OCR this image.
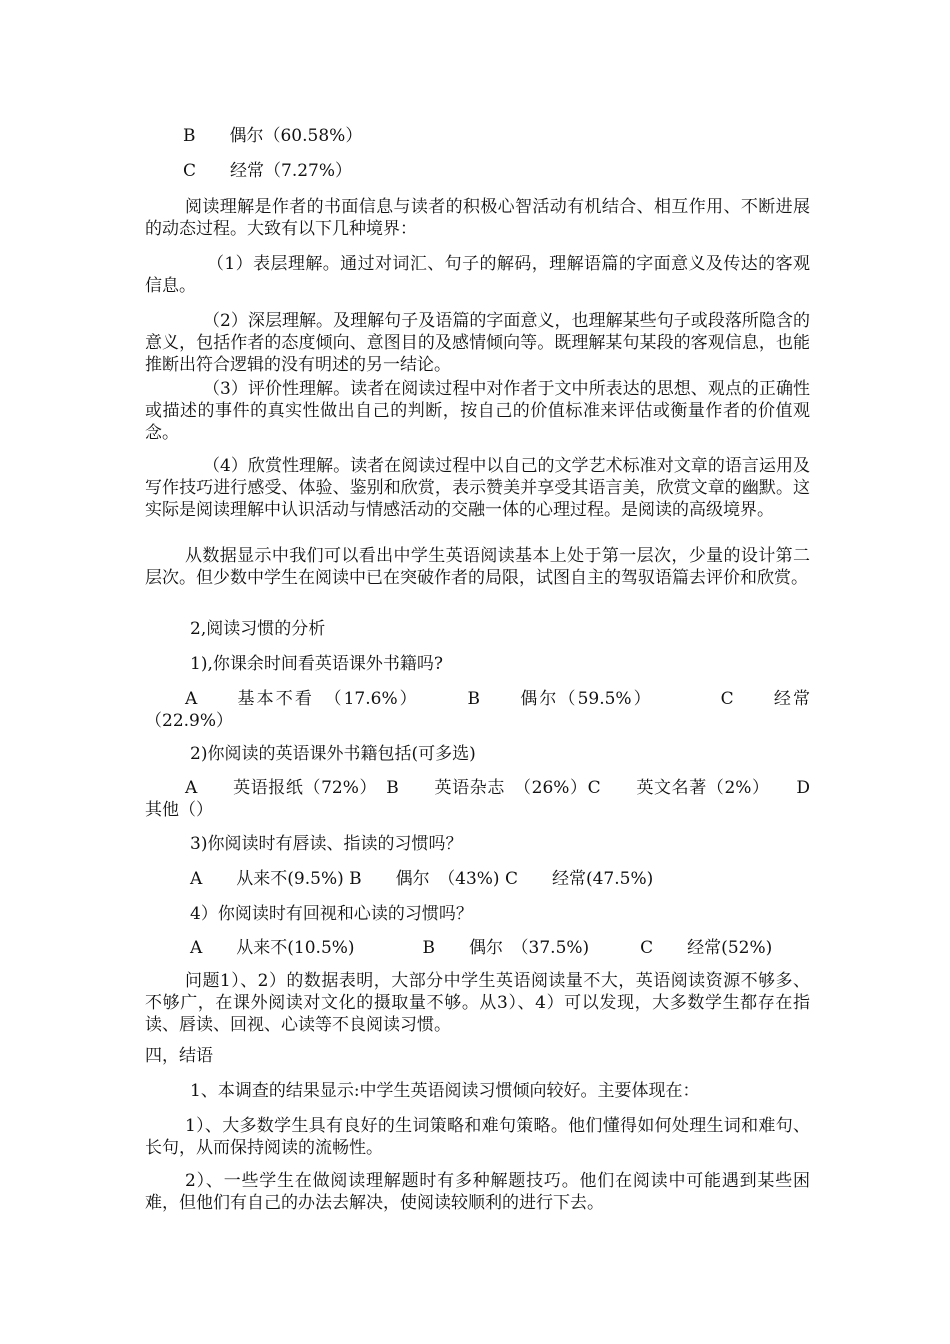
B　　偶尔（60.58%）

C　　经常（7.27%）

阅读理解是作者的书面信息与读者的积极心智活动有机结合、相互作用、不断进展的动态过程。大致有以下几种境界：

（1）表层理解。通过对词汇、句子的解码，理解语篇的字面意义及传达的客观信息。

（2）深层理解。及理解句子及语篇的字面意义，也理解某些句子或段落所隐含的意义，包括作者的态度倾向、意图目的及感情倾向等。既理解某句某段的客观信息，也能推断出符合逻辑的没有明述的另一结论。

（3）评价性理解。读者在阅读过程中对作者于文中所表达的思想、观点的正确性或描述的事件的真实性做出自己的判断，按自己的价值标准来评估或衡量作者的价值观念。

（4）欣赏性理解。读者在阅读过程中以自己的文学艺术标准对文章的语言运用及写作技巧进行感受、体验、鉴别和欣赏，表示赞美并享受其语言美，欣赏文章的幽默。这实际是阅读理解中认识活动与情感活动的交融一体的心理过程。是阅读的高级境界。

从数据显示中我们可以看出中学生英语阅读基本上处于第一层次，少量的设计第二层次。但少数中学生在阅读中已在突破作者的局限，试图自主的驾驭语篇去评价和欣赏。

2,阅读习惯的分析

1),你课余时间看英语课外书籍吗?

A　　基本不看　（17.6%）　　　B　　偶尔（59.5%）　　　　C　　经常（22.9%）

2)你阅读的英语课外书籍包括(可多选)

A　　英语报纸（72%）　B　　英语杂志　（26%）C　　英文名著（2%）　　D　　其他（）

3)你阅读时有唇读、指读的习惯吗？

A　　从来不(9.5%) B　　偶尔　（43%) C　　经常(47.5%)

4）你阅读时有回视和心读的习惯吗？

A　　从来不(10.5%)　　　　B　　偶尔　（37.5%)　　　C　　经常(52%)

问题1）、2）的数据表明，大部分中学生英语阅读量不大，英语阅读资源不够多、不够广，在课外阅读对文化的摄取量不够。从3）、4）可以发现，大多数学生都存在指读、唇读、回视、心读等不良阅读习惯。

四，结语

1、本调查的结果显示:中学生英语阅读习惯倾向较好。主要体现在：

1）、大多数学生具有良好的生词策略和难句策略。他们懂得如何处理生词和难句、长句，从而保持阅读的流畅性。

2）、一些学生在做阅读理解题时有多种解题技巧。他们在阅读中可能遇到某些困难，但他们有自己的办法去解决，使阅读较顺利的进行下去。
